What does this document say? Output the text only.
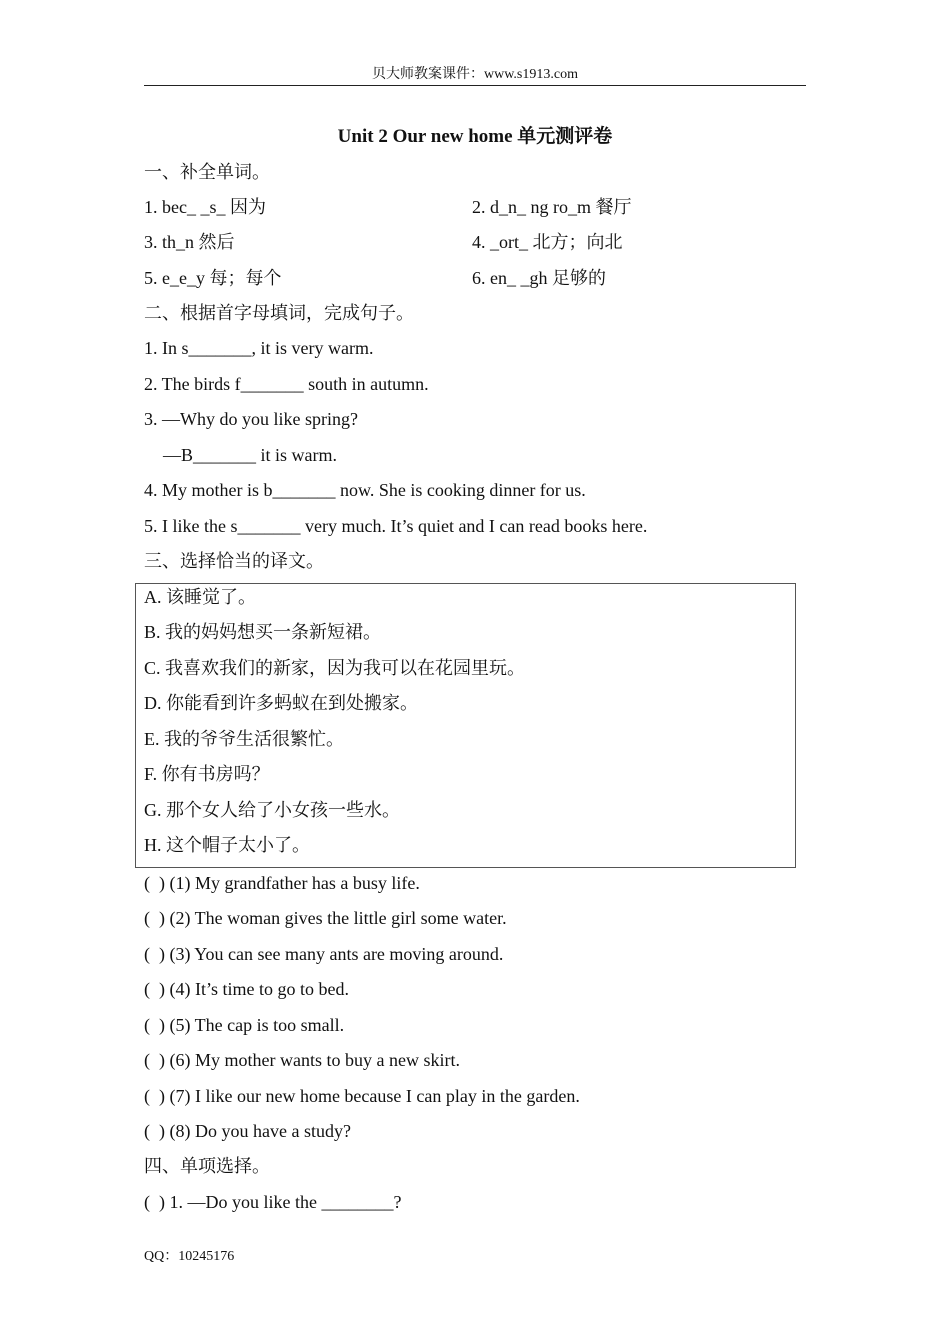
贝大师教案课件：www.s1913.com
Unit 2 Our new home 单元测评卷
一、补全单词。
1. bec_ _s_ 因为	2. d_n_ ng ro_m 餐厅
3. th_n 然后	4. _ort_ 北方；向北
5. e_e_y 每；每个	6. en_ _gh 足够的
二、根据首字母填词，完成句子。
1. In s_______, it is very warm.
2. The birds f_______ south in autumn.
3. —Why do you like spring?
—B_______ it is warm.
4. My mother is b_______ now. She is cooking dinner for us.
5. I like the s_______ very much. It’s quiet and I can read books here.
三、选择恰当的译文。
A. 该睡觉了。
B. 我的妈妈想买一条新短裙。
C. 我喜欢我们的新家，因为我可以在花园里玩。
D. 你能看到许多蚂蚁在到处搬家。
E. 我的爷爷生活很繁忙。
F. 你有书房吗？
G. 那个女人给了小女孩一些水。
H. 这个帽子太小了。
(  ) (1) My grandfather has a busy life.
(  ) (2) The woman gives the little girl some water.
(  ) (3) You can see many ants are moving around.
(  ) (4) It’s time to go to bed.
(  ) (5) The cap is too small.
(  ) (6) My mother wants to buy a new skirt.
(  ) (7) I like our new home because I can play in the garden.
(  ) (8) Do you have a study?
四、单项选择。
(  ) 1. —Do you like the ________?
QQ：10245176
